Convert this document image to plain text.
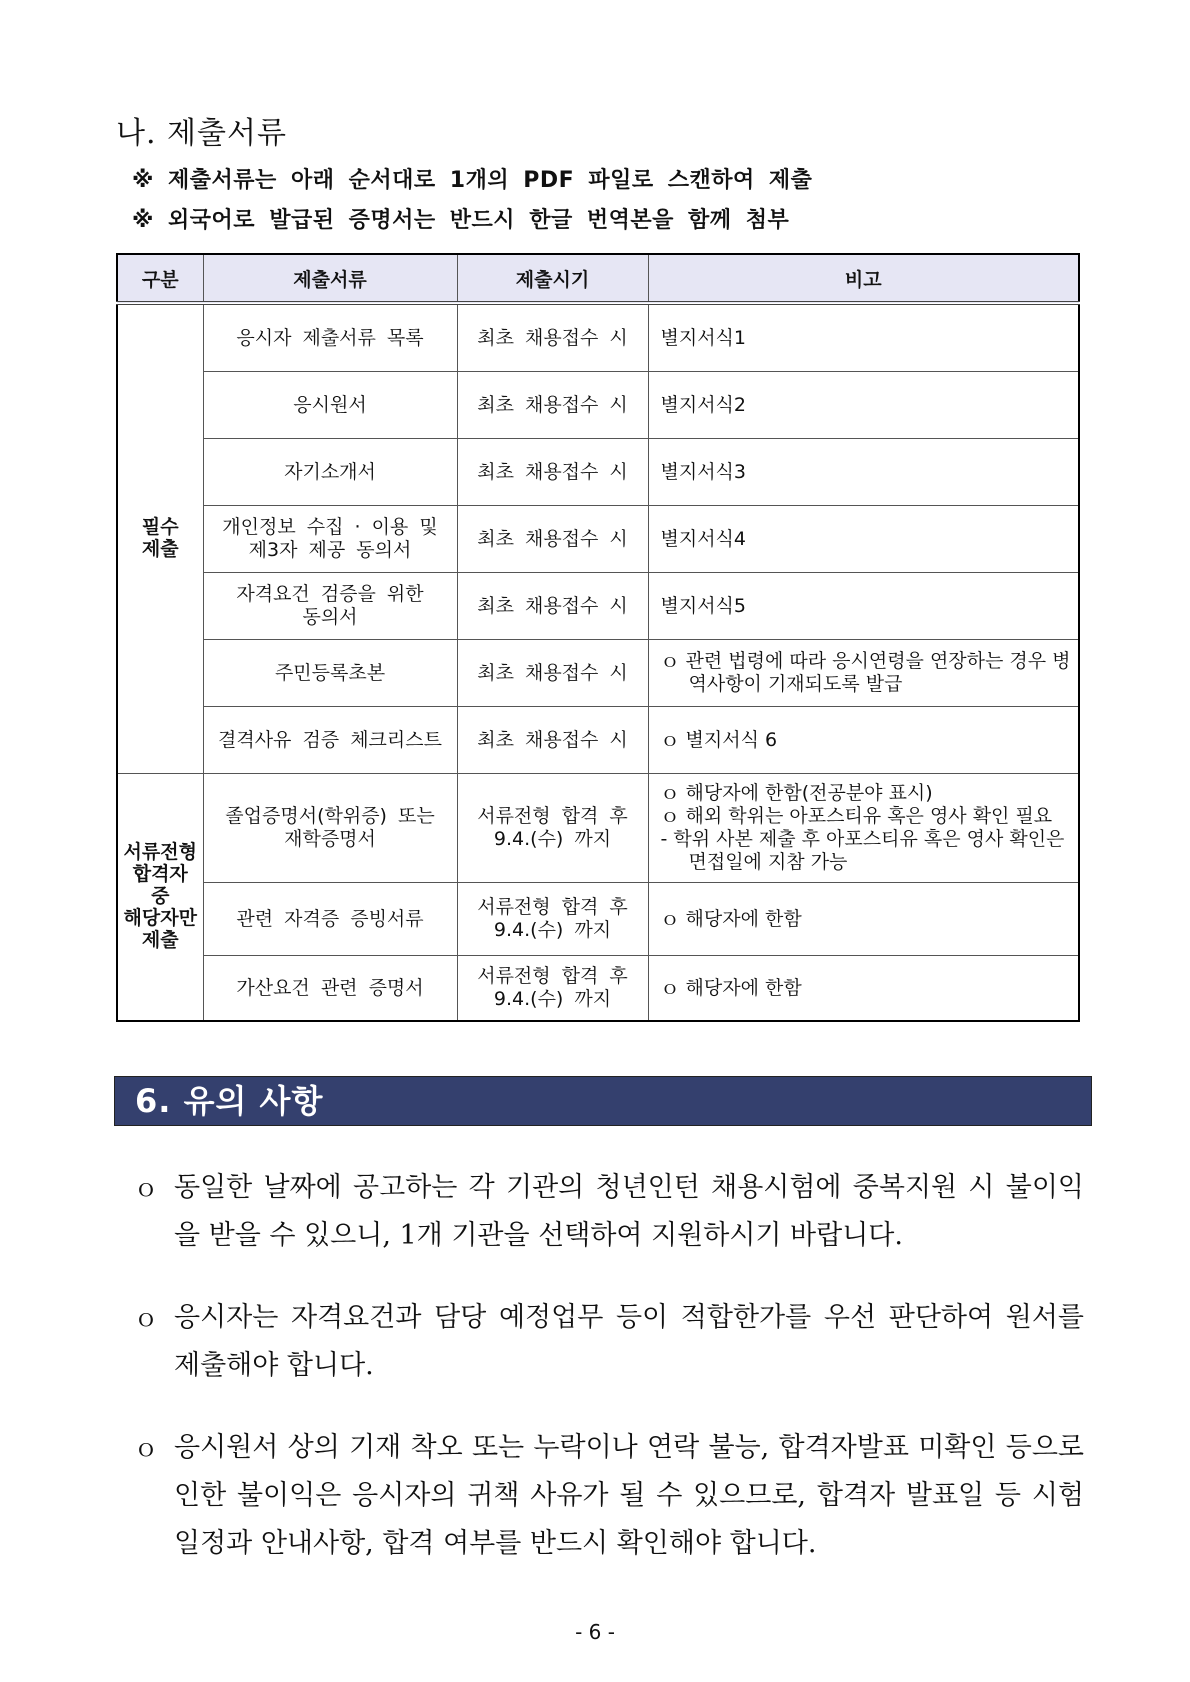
나. 제출서류

※ 제출서류는 아래 순서대로 1개의 PDF 파일로 스캔하여 제출

※ 외국어로 발급된 증명서는 반드시 한글 번역본을 함께 첨부

구분	제출서류	제출시기	비고
필수
제출	응시자 제출서류 목록	최초 채용접수 시	별지서식1

	응시원서	최초 채용접수 시	별지서식2

	자기소개서	최초 채용접수 시	별지서식3

	개인정보 수집 · 이용 및
제3자 제공 동의서	최초 채용접수 시	별지서식4

	자격요건 검증을 위한
동의서	최초 채용접수 시	별지서식5

	주민등록초본	최초 채용접수 시	ｏ 관련 법령에 따라 응시연령을 연장하는 경우 병역사항이 기재되도록 발급

	결격사유 검증 체크리스트	최초 채용접수 시	ｏ 별지서식 6

서류전형
합격자
중
해당자만
제출	졸업증명서(학위증) 또는
재학증명서	서류전형 합격 후
9.4.(수) 까지	ｏ 해당자에 한함(전공분야 표시)
ｏ 해외 학위는 아포스티유 혹은 영사 확인 필요
- 학위 사본 제출 후 아포스티유 혹은 영사 확인은 면접일에 지참 가능

	관련 자격증 증빙서류	서류전형 합격 후
9.4.(수) 까지	ｏ 해당자에 한함

	가산요건 관련 증명서	서류전형 합격 후
9.4.(수) 까지	ｏ 해당자에 한함
6. 유의 사항
ｏ 동일한 날짜에 공고하는 각 기관의 청년인턴 채용시험에 중복지원 시 불이익을 받을 수 있으니, 1개 기관을 선택하여 지원하시기 바랍니다.
ｏ 응시자는 자격요건과 담당 예정업무 등이 적합한가를 우선 판단하여 원서를 제출해야 합니다.
ｏ 응시원서 상의 기재 착오 또는 누락이나 연락 불능, 합격자발표 미확인 등으로 인한 불이익은 응시자의 귀책 사유가 될 수 있으므로, 합격자 발표일 등 시험 일정과 안내사항, 합격 여부를 반드시 확인해야 합니다.
- 6 -
